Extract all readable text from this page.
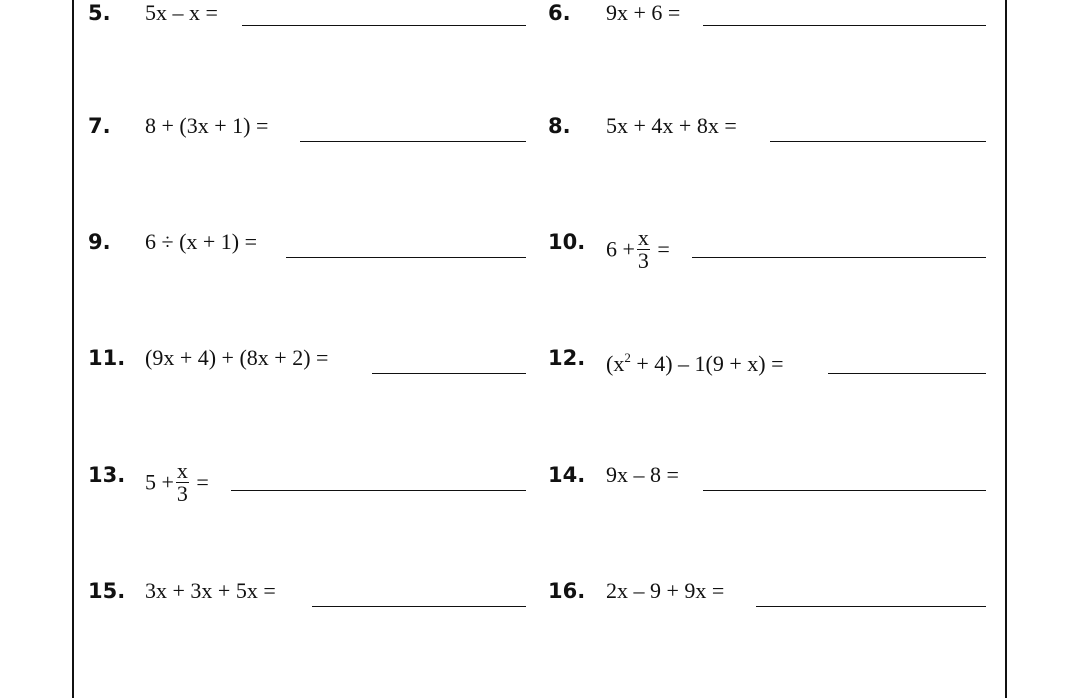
5. 5x – x =	6. 9x + 6 =
7. 8 + (3x + 1) =	8. 5x + 4x + 8x =
9. 6 ÷ (x + 1) =	10. $6 + \frac{x}{3}$ =
11. (9x + 4) + (8x + 2) =	12. $(x^2 + 4) - 1(9 + x)$ =
13. $5 + \frac{x}{3}$ =	14. 9x – 8 =
15. 3x + 3x + 5x =	16. 2x – 9 + 9x =
